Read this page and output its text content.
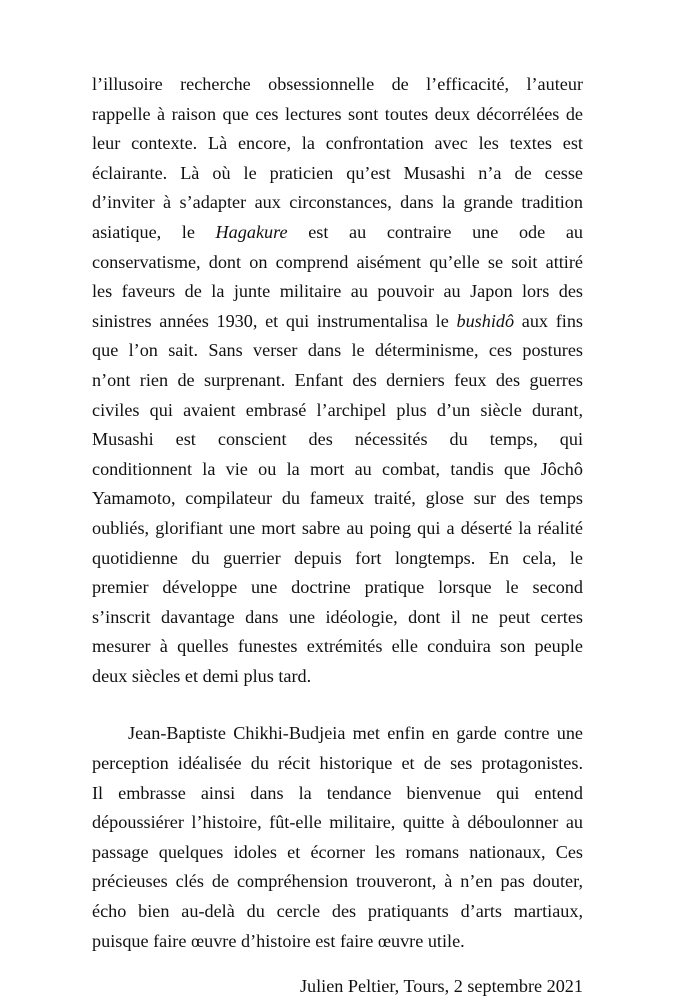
l’illusoire recherche obsessionnelle de l’efficacité, l’auteur
rappelle à raison que ces lectures sont toutes deux décorrélées de
leur contexte. Là encore, la confrontation avec les textes est
éclairante. Là où le praticien qu’est Musashi n’a de cesse
d’inviter à s’adapter aux circonstances, dans la grande tradition
asiatique, le Hagakure est au contraire une ode au
conservatisme, dont on comprend aisément qu’elle se soit attiré
les faveurs de la junte militaire au pouvoir au Japon lors des
sinistres années 1930, et qui instrumentalisa le bushidô aux fins
que l’on sait. Sans verser dans le déterminisme, ces postures
n’ont rien de surprenant. Enfant des derniers feux des guerres
civiles qui avaient embrasé l’archipel plus d’un siècle durant,
Musashi est conscient des nécessités du temps, qui
conditionnent la vie ou la mort au combat, tandis que Jôchô
Yamamoto, compilateur du fameux traité, glose sur des temps
oubliés, glorifiant une mort sabre au poing qui a déserté la réalité
quotidienne du guerrier depuis fort longtemps. En cela, le
premier développe une doctrine pratique lorsque le second
s’inscrit davantage dans une idéologie, dont il ne peut certes
mesurer à quelles funestes extrémités elle conduira son peuple
deux siècles et demi plus tard.
Jean-Baptiste Chikhi-Budjeia met enfin en garde contre une
perception idéalisée du récit historique et de ses protagonistes.
Il embrasse ainsi dans la tendance bienvenue qui entend
dépoussiérer l’histoire, fût-elle militaire, quitte à déboulonner au
passage quelques idoles et écorner les romans nationaux, Ces
précieuses clés de compréhension trouveront, à n’en pas douter,
écho bien au-delà du cercle des pratiquants d’arts martiaux,
puisque faire œuvre d’histoire est faire œuvre utile.
Julien Peltier, Tours, 2 septembre 2021
